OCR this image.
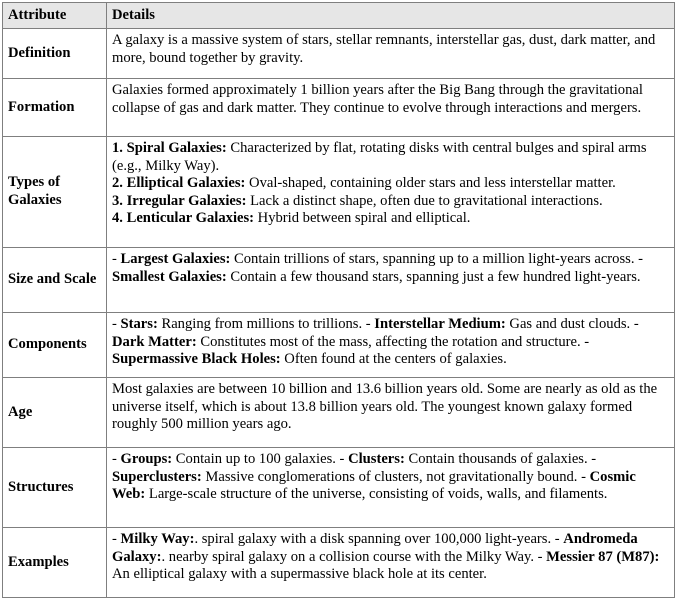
Attribute	Details
Definition	A galaxy is a massive system of stars, stellar remnants, interstellar gas, dust, dark matter, and more, bound together by gravity.
Formation	Galaxies formed approximately 1 billion years after the Big Bang through the gravitational collapse of gas and dark matter. They continue to evolve through interactions and mergers.
Types of Galaxies	1. Spiral Galaxies: Characterized by flat, rotating disks with central bulges and spiral arms (e.g., Milky Way).
2. Elliptical Galaxies: Oval-shaped, containing older stars and less interstellar matter.
3. Irregular Galaxies: Lack a distinct shape, often due to gravitational interactions.
4. Lenticular Galaxies: Hybrid between spiral and elliptical.
Size and Scale	- Largest Galaxies: Contain trillions of stars, spanning up to a million light-years across. - Smallest Galaxies: Contain a few thousand stars, spanning just a few hundred light-years.
Components	- Stars: Ranging from millions to trillions. - Interstellar Medium: Gas and dust clouds. - Dark Matter: Constitutes most of the mass, affecting the rotation and structure. - Supermassive Black Holes: Often found at the centers of galaxies.
Age	Most galaxies are between 10 billion and 13.6 billion years old. Some are nearly as old as the universe itself, which is about 13.8 billion years old. The youngest known galaxy formed roughly 500 million years ago.
Structures	- Groups: Contain up to 100 galaxies. - Clusters: Contain thousands of galaxies. - Superclusters: Massive conglomerations of clusters, not gravitationally bound. - Cosmic Web: Large-scale structure of the universe, consisting of voids, walls, and filaments.
Examples	- Milky Way:. spiral galaxy with a disk spanning over 100,000 light-years. - Andromeda Galaxy:. nearby spiral galaxy on a collision course with the Milky Way. - Messier 87 (M87): An elliptical galaxy with a supermassive black hole at its center.
